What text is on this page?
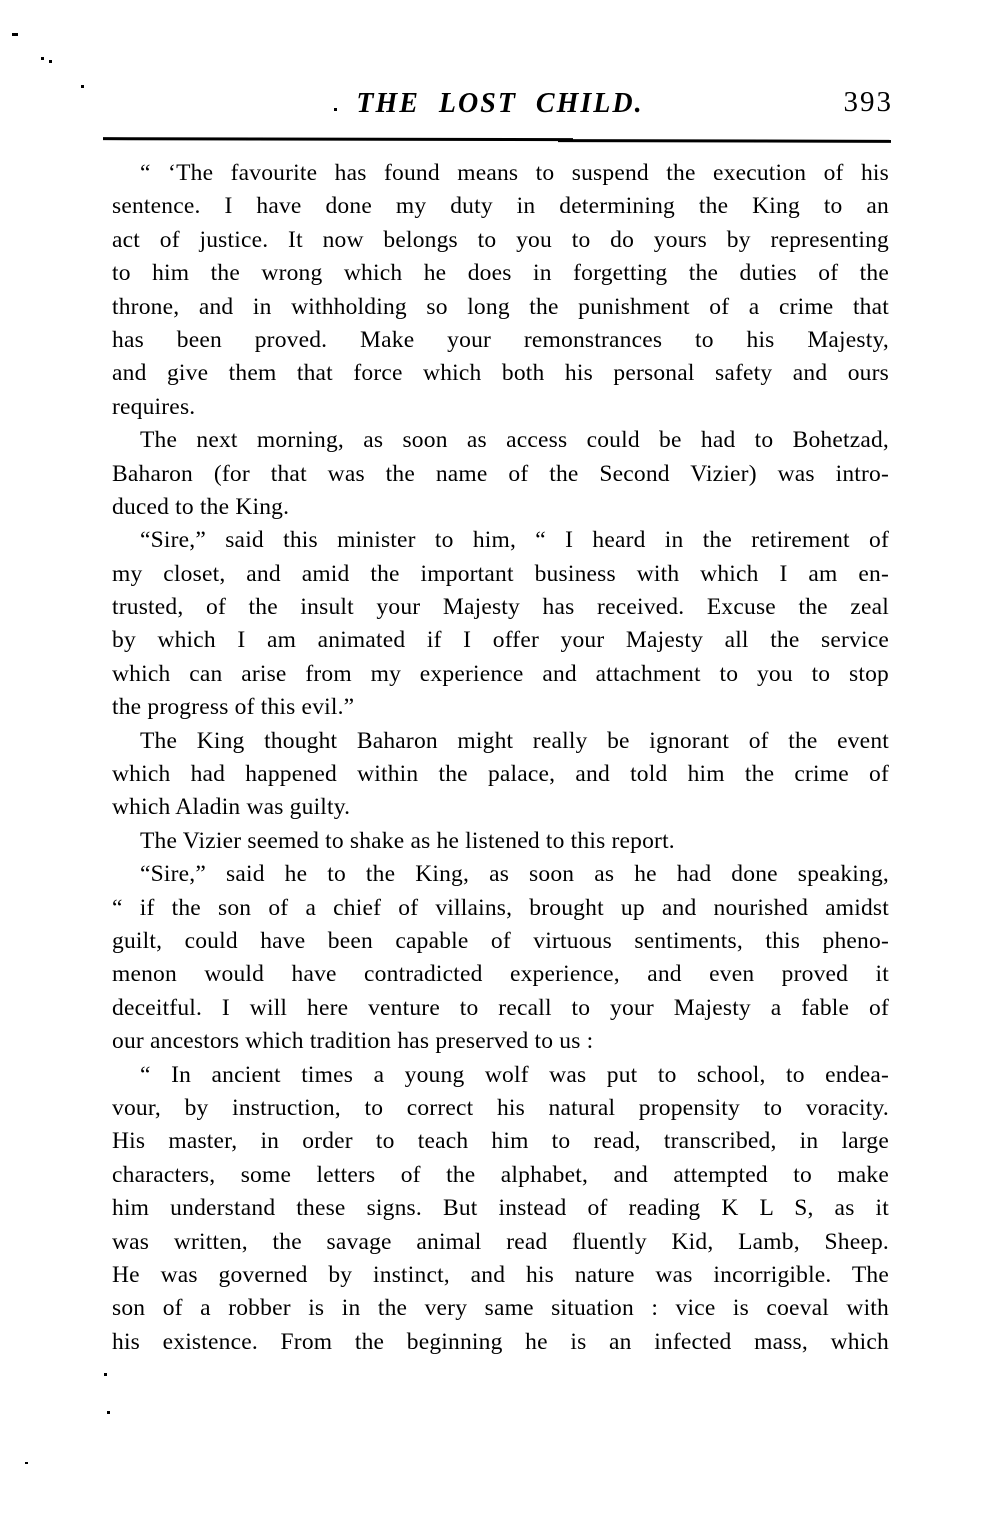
THE LOST CHILD.	393
“ ‘The favourite has found means to suspend the execution of his
sentence. I have done my duty in determining the King to an
act of justice. It now belongs to you to do yours by representing
to him the wrong which he does in forgetting the duties of the
throne, and in withholding so long the punishment of a crime that
has been proved. Make your remonstrances to his Majesty,
and give them that force which both his personal safety and ours
requires.
The next morning, as soon as access could be had to Bohetzad,
Baharon (for that was the name of the Second Vizier) was intro-
duced to the King.
“Sire,” said this minister to him, “ I heard in the retirement of
my closet, and amid the important business with which I am en-
trusted, of the insult your Majesty has received. Excuse the zeal
by which I am animated if I offer your Majesty all the service
which can arise from my experience and attachment to you to stop
the progress of this evil.”
The King thought Baharon might really be ignorant of the event
which had happened within the palace, and told him the crime of
which Aladin was guilty.
The Vizier seemed to shake as he listened to this report.
“Sire,” said he to the King, as soon as he had done speaking,
“ if the son of a chief of villains, brought up and nourished amidst
guilt, could have been capable of virtuous sentiments, this pheno-
menon would have contradicted experience, and even proved it
deceitful. I will here venture to recall to your Majesty a fable of
our ancestors which tradition has preserved to us :
“ In ancient times a young wolf was put to school, to endea-
vour, by instruction, to correct his natural propensity to voracity.
His master, in order to teach him to read, transcribed, in large
characters, some letters of the alphabet, and attempted to make
him understand these signs. But instead of reading K L S, as it
was written, the savage animal read fluently Kid, Lamb, Sheep.
He was governed by instinct, and his nature was incorrigible. The
son of a robber is in the very same situation : vice is coeval with
his existence. From the beginning he is an infected mass, which
